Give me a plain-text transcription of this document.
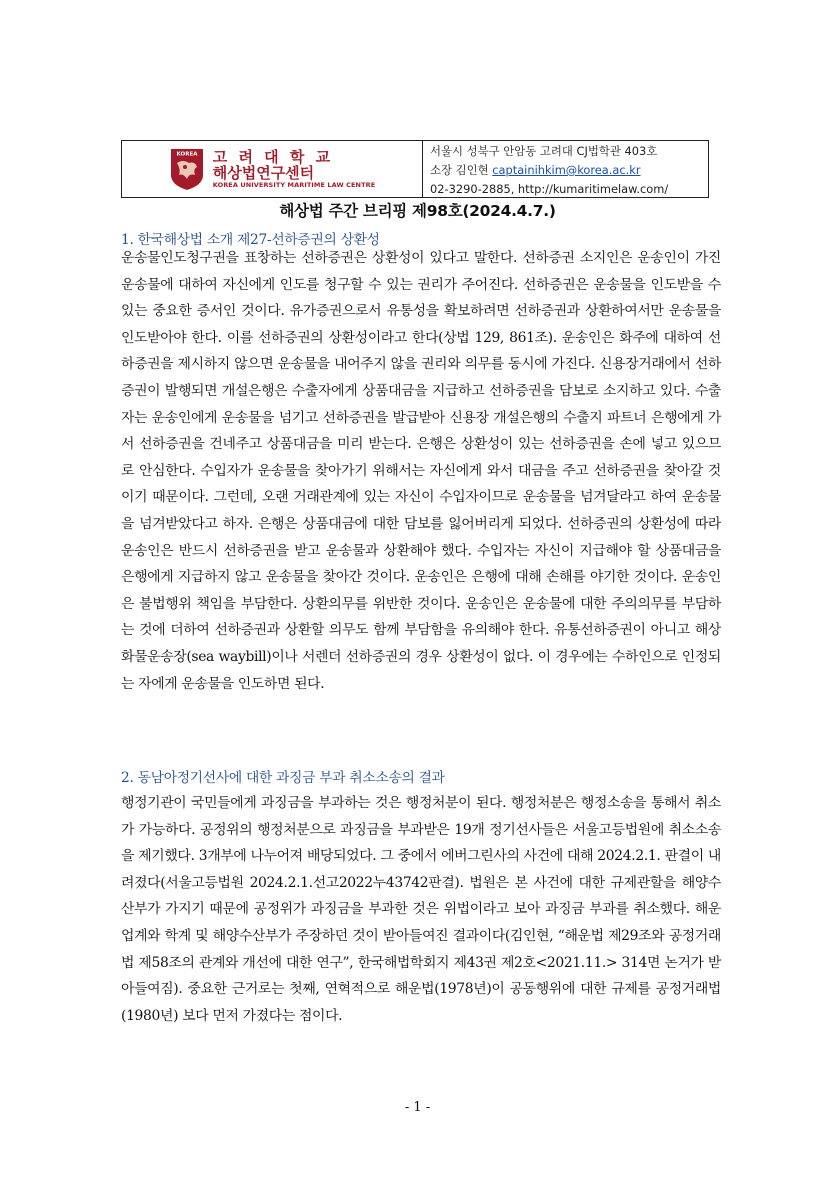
KOREA 고 려 대 학 교
해상법연구센터
KOREA UNIVERSITY MARITIME LAW CENTRE
서울시 성북구 안암동 고려대 CJ법학관 403호
소장 김인현 captainihkim@korea.ac.kr
02-3290-2885, http://kumaritimelaw.com/
해상법 주간 브리핑 제98호(2024.4.7.)
1. 한국해상법 소개 제27-선하증권의 상환성

운송물인도청구권을 표창하는 선하증권은 상환성이 있다고 말한다. 선하증권 소지인은 운송인이 가진 운송물에 대하여 자신에게 인도를 청구할 수 있는 권리가 주어진다. 선하증권은 운송물을 인도받을 수 있는 중요한 증서인 것이다. 유가증권으로서 유통성을 확보하려면 선하증권과 상환하여서만 운송물을 인도받아야 한다. 이를 선하증권의 상환성이라고 한다(상법 129, 861조). 운송인은 화주에 대하여 선하증권을 제시하지 않으면 운송물을 내어주지 않을 권리와 의무를 동시에 가진다. 신용장거래에서 선하증권이 발행되면 개설은행은 수출자에게 상품대금을 지급하고 선하증권을 담보로 소지하고 있다. 수출자는 운송인에게 운송물을 넘기고 선하증권을 발급받아 신용장 개설은행의 수출지 파트너 은행에게 가서 선하증권을 건네주고 상품대금을 미리 받는다. 은행은 상환성이 있는 선하증권을 손에 넣고 있으므로 안심한다. 수입자가 운송물을 찾아가기 위해서는 자신에게 와서 대금을 주고 선하증권을 찾아갈 것이기 때문이다. 그런데, 오랜 거래관계에 있는 자신이 수입자이므로 운송물을 넘겨달라고 하여 운송물을 넘겨받았다고 하자. 은행은 상품대금에 대한 담보를 잃어버리게 되었다. 선하증권의 상환성에 따라 운송인은 반드시 선하증권을 받고 운송물과 상환해야 했다. 수입자는 자신이 지급해야 할 상품대금을 은행에게 지급하지 않고 운송물을 찾아간 것이다. 운송인은 은행에 대해 손해를 야기한 것이다. 운송인은 불법행위 책임을 부담한다. 상환의무를 위반한 것이다. 운송인은 운송물에 대한 주의의무를 부담하는 것에 더하여 선하증권과 상환할 의무도 함께 부담함을 유의해야 한다. 유통선하증권이 아니고 해상화물운송장(sea waybill)이나 서렌더 선하증권의 경우 상환성이 없다. 이 경우에는 수하인으로 인정되는 자에게 운송물을 인도하면 된다.

2. 동남아정기선사에 대한 과징금 부과 취소소송의 결과

행정기관이 국민들에게 과징금을 부과하는 것은 행정처분이 된다. 행정처분은 행정소송을 통해서 취소가 가능하다. 공정위의 행정처분으로 과징금을 부과받은 19개 정기선사들은 서울고등법원에 취소소송을 제기했다. 3개부에 나누어져 배당되었다. 그 중에서 에버그린사의 사건에 대해 2024.2.1. 판결이 내려졌다(서울고등법원 2024.2.1.선고2022누43742판결). 법원은 본 사건에 대한 규제관할을 해양수산부가 가지기 때문에 공정위가 과징금을 부과한 것은 위법이라고 보아 과징금 부과를 취소했다. 해운업계와 학계 및 해양수산부가 주장하던 것이 받아들여진 결과이다(김인현, “해운법 제29조와 공정거래법 제58조의 관계와 개선에 대한 연구”, 한국해법학회지 제43권 제2호<2021.11.> 314면 논거가 받아들여짐). 중요한 근거로는 첫째, 연혁적으로 해운법(1978년)이 공동행위에 대한 규제를 공정거래법(1980년) 보다 먼저 가졌다는 점이다.

- 1 -
